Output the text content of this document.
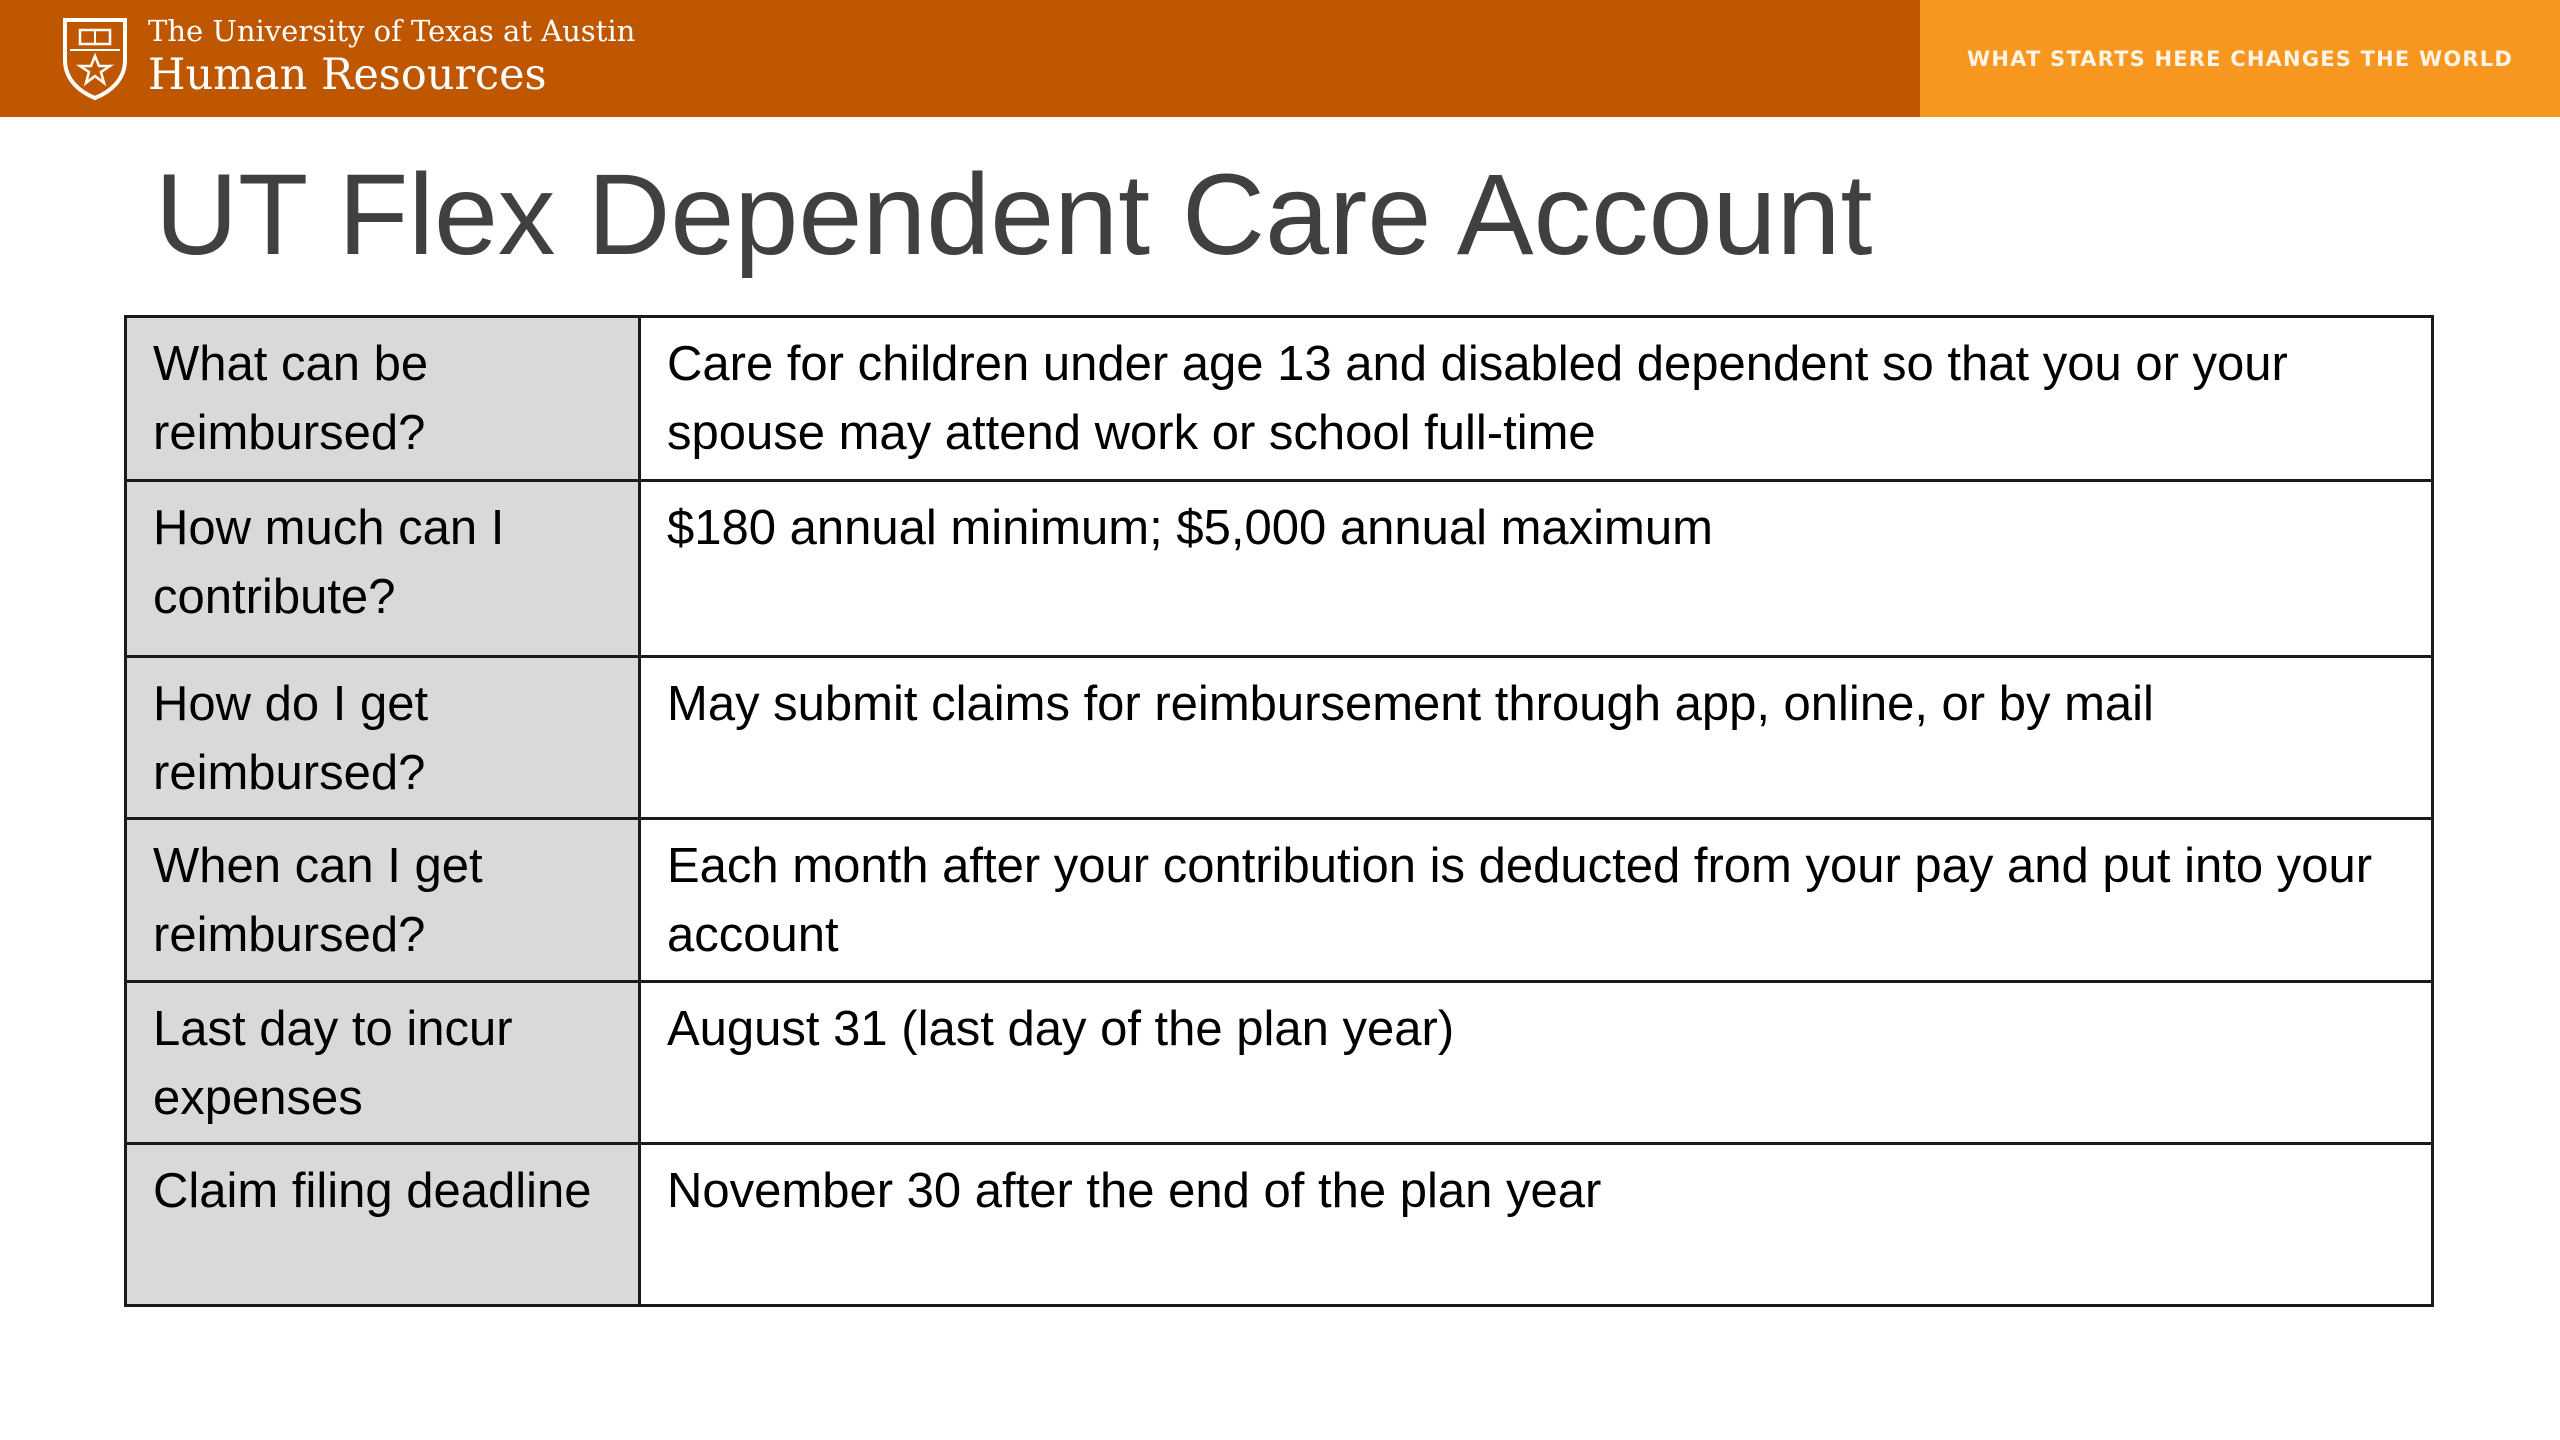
The University of Texas at Austin
Human Resources	WHAT STARTS HERE CHANGES THE WORLD
UT Flex Dependent Care Account
What can be reimbursed?	Care for children under age 13 and disabled dependent so that you or your spouse may attend work or school full-time
How much can I contribute?	$180 annual minimum; $5,000 annual maximum
How do I get reimbursed?	May submit claims for reimbursement through app, online, or by mail
When can I get reimbursed?	Each month after your contribution is deducted from your pay and put into your account
Last day to incur expenses	August 31 (last day of the plan year)
Claim filing deadline	November 30 after the end of the plan year
